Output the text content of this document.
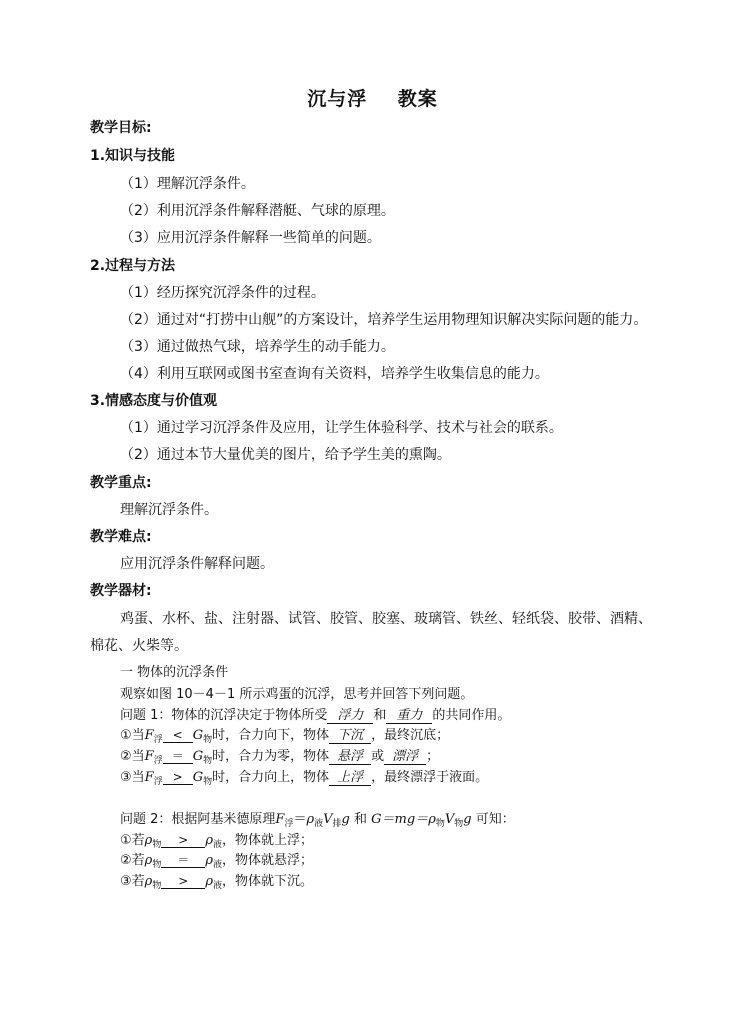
沉与浮    教案
教学目标:
1.知识与技能
（1）理解沉浮条件。
（2）利用沉浮条件解释潜艇、气球的原理。
（3）应用沉浮条件解释一些简单的问题。
2.过程与方法
（1）经历探究沉浮条件的过程。
（2）通过对“打捞中山舰”的方案设计，培养学生运用物理知识解决实际问题的能力。
（3）通过做热气球，培养学生的动手能力。
（4）利用互联网或图书室查询有关资料，培养学生收集信息的能力。
3.情感态度与价值观
（1）通过学习沉浮条件及应用，让学生体验科学、技术与社会的联系。
（2）通过本节大量优美的图片，给予学生美的熏陶。
教学重点:
理解沉浮条件。
教学难点:
应用沉浮条件解释问题。
教学器材:
鸡蛋、水杯、盐、注射器、试管、胶管、胶塞、玻璃管、铁丝、轻纸袋、胶带、酒精、
棉花、火柴等。
一 物体的沉浮条件
观察如图 10－4－1 所示鸡蛋的沉浮，思考并回答下列问题。
问题 1：物体的沉浮决定于物体所受 浮力 和 重力 的共同作用。
①当$F_浮 < G_物$时，合力向下，物体 下沉 ，最终沉底；
②当$F_浮 = G_物$时，合力为零，物体 悬浮 或 漂浮 ；
③当$F_浮 > G_物$时，合力向上，物体 上浮 ，最终漂浮于液面。
问题 2：根据阿基米德原理$F_浮=\rho_液V_排g$ 和 $G=mg=\rho_物V_物g$ 可知：
①若$\rho_物 > \rho_液$，物体就上浮；
②若$\rho_物 = \rho_液$，物体就悬浮；
③若$\rho_物 > \rho_液$，物体就下沉。
